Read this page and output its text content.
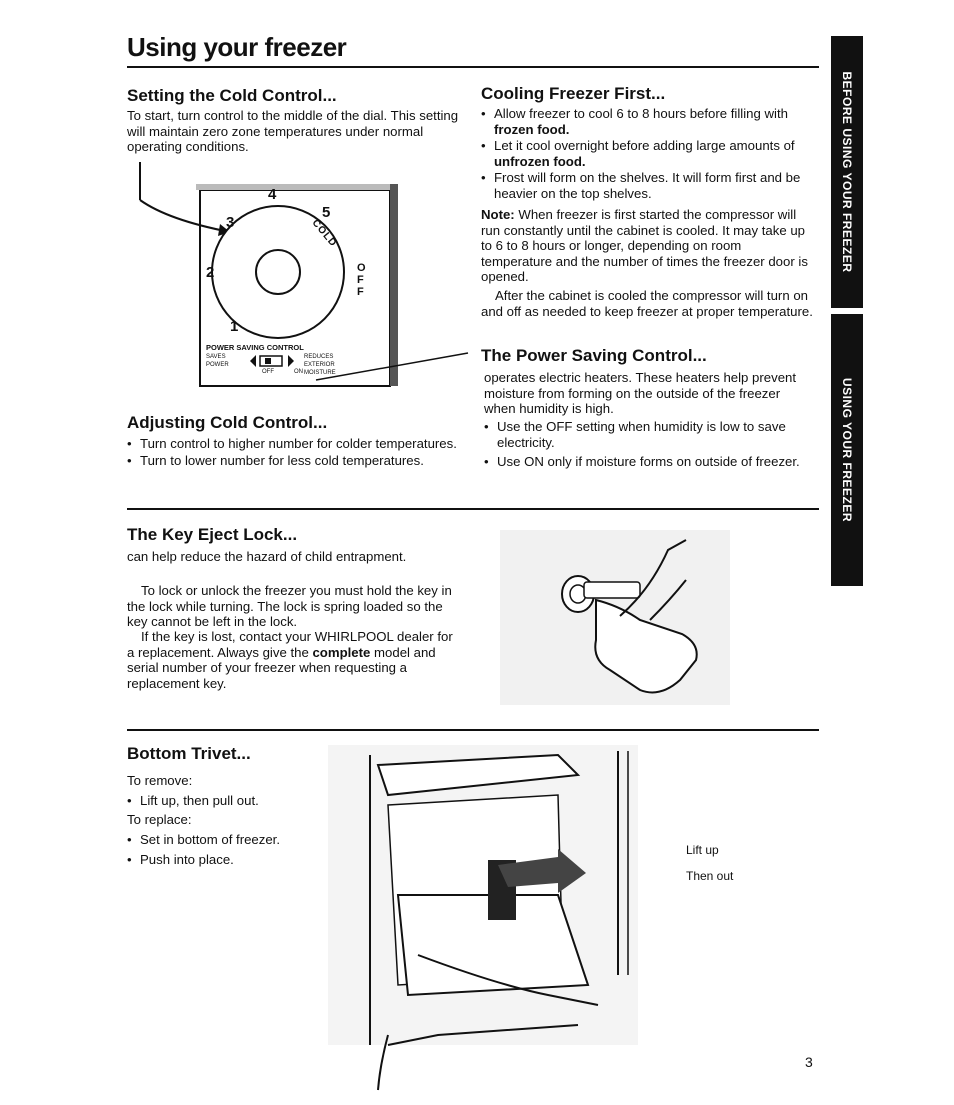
Using your freezer
BEFORE USING YOUR FREEZER
USING YOUR FREEZER
Setting the Cold Control...

To start, turn control to the middle of the dial. This setting will maintain zero zone temperatures under normal operating conditions.

4
5
3
2
1
COLD
OFF
POWER SAVING CONTROL
SAVES POWER
OFF	ON
REDUCES EXTERIOR MOISTURE
Adjusting Cold Control...
• Turn control to higher number for colder temperatures.
• Turn to lower number for less cold temperatures.
Cooling Freezer First...
• Allow freezer to cool 6 to 8 hours before filling with frozen food.
• Let it cool overnight before adding large amounts of unfrozen food.
• Frost will form on the shelves. It will form first and be heavier on the top shelves.

Note: When freezer is first started the compressor will run constantly until the cabinet is cooled. It may take up to 6 to 8 hours or longer, depending on room temperature and the number of times the freezer door is opened.

After the cabinet is cooled the compressor will turn on and off as needed to keep freezer at proper temperature.

The Power Saving Control...

operates electric heaters. These heaters help prevent moisture from forming on the outside of the freezer when humidity is high.

• Use the OFF setting when humidity is low to save electricity.
• Use ON only if moisture forms on outside of freezer.
The Key Eject Lock...

can help reduce the hazard of child entrapment.

To lock or unlock the freezer you must hold the key in the lock while turning. The lock is spring loaded so the key cannot be left in the lock.

If the key is lost, contact your WHIRLPOOL dealer for a replacement. Always give the complete model and serial number of your freezer when requesting a replacement key.

Bottom Trivet...

To remove:

• Lift up, then pull out.

To replace:

• Set in bottom of freezer.
• Push into place.
Lift up
Then out
3
